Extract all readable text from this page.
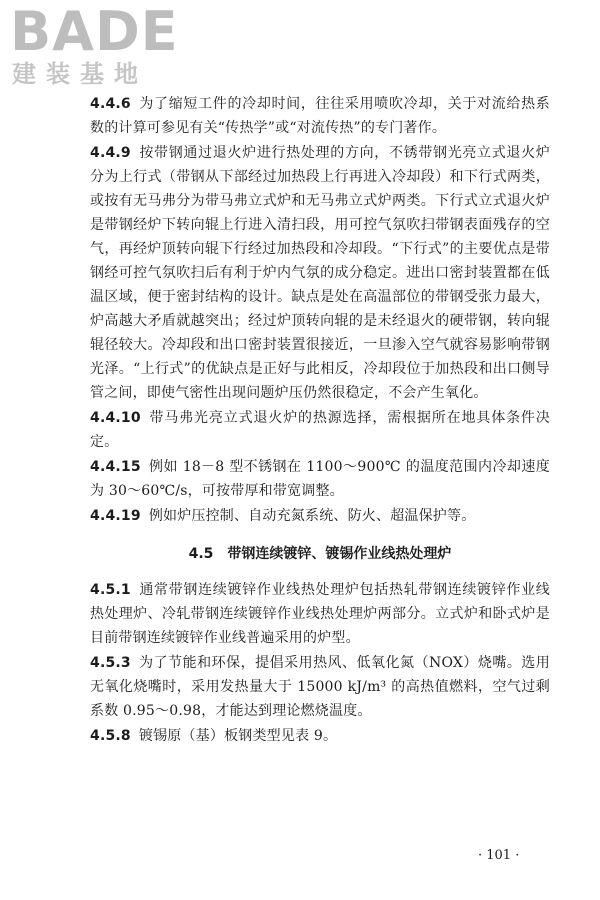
BADE
建装基地

4.4.6 为了缩短工件的冷却时间，往往采用喷吹冷却，关于对流给热系数的计算可参见有关“传热学”或“对流传热”的专门著作。

4.4.9 按带钢通过退火炉进行热处理的方向，不锈带钢光亮立式退火炉分为上行式（带钢从下部经过加热段上行再进入冷却段）和下行式两类，或按有无马弗分为带马弗立式炉和无马弗立式炉两类。下行式立式退火炉是带钢经炉下转向辊上行进入清扫段，用可控气氛吹扫带钢表面残存的空气，再经炉顶转向辊下行经过加热段和冷却段。“下行式”的主要优点是带钢经可控气氛吹扫后有利于炉内气氛的成分稳定。进出口密封装置都在低温区域，便于密封结构的设计。缺点是处在高温部位的带钢受张力最大，炉高越大矛盾就越突出；经过炉顶转向辊的是未经退火的硬带钢，转向辊辊径较大。冷却段和出口密封装置很接近，一旦渗入空气就容易影响带钢光泽。“上行式”的优缺点是正好与此相反，冷却段位于加热段和出口侧导管之间，即使气密性出现问题炉压仍然很稳定，不会产生氧化。

4.4.10 带马弗光亮立式退火炉的热源选择，需根据所在地具体条件决定。

4.4.15 例如 18－8 型不锈钢在 1100～900℃ 的温度范围内冷却速度为 30～60℃/s，可按带厚和带宽调整。

4.4.19 例如炉压控制、自动充氮系统、防火、超温保护等。

4.5 带钢连续镀锌、镀锡作业线热处理炉

4.5.1 通常带钢连续镀锌作业线热处理炉包括热轧带钢连续镀锌作业线热处理炉、冷轧带钢连续镀锌作业线热处理炉两部分。立式炉和卧式炉是目前带钢连续镀锌作业线普遍采用的炉型。

4.5.3 为了节能和环保，提倡采用热风、低氧化氮（NOX）烧嘴。选用无氧化烧嘴时，采用发热量大于 15000 kJ/m³ 的高热值燃料，空气过剩系数 0.95～0.98，才能达到理论燃烧温度。

4.5.8 镀锡原（基）板钢类型见表 9。

· 101 ·
